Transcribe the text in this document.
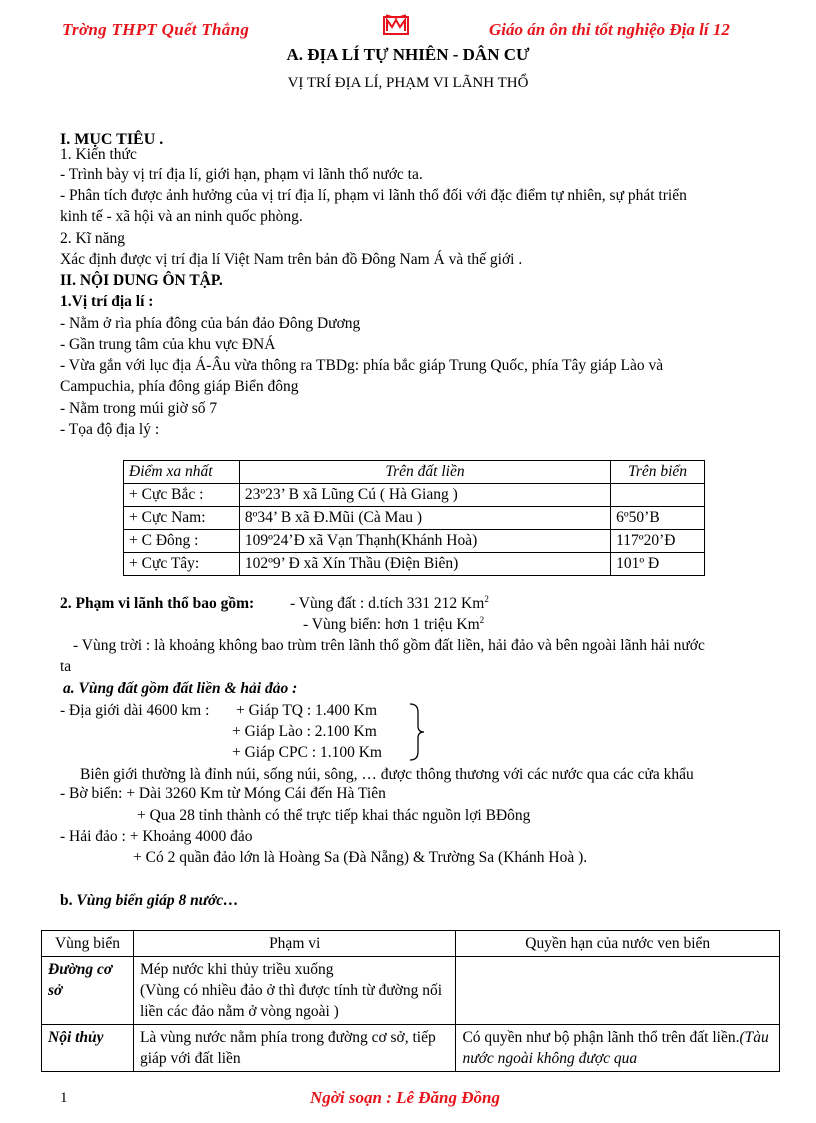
Trờng THPT Quết Thắng	Giáo án ôn thi tốt nghiệo Địa lí 12
A. ĐỊA LÍ TỰ NHIÊN - DÂN CƯ
VỊ TRÍ ĐỊA LÍ, PHẠM VI LÃNH THỔ
I. MỤC TIÊU .
1. Kiến thức
- Trình bày vị trí địa lí, giới hạn, phạm vi lãnh thổ nước ta.
- Phân tích được ảnh hưởng của vị trí địa lí, phạm vi lãnh thổ đối với đặc điểm tự nhiên, sự phát triển
kinh tế - xã hội và an ninh quốc phòng.
2. Kĩ năng
Xác định được vị trí địa lí Việt Nam trên bản đồ Đông Nam Á và thế giới .
II. NỘI DUNG ÔN TẬP.
1.Vị trí địa lí :
- Nằm ở rìa phía đông của bán đảo Đông Dương
- Gần trung tâm của khu vực ĐNÁ
- Vừa gắn với lục địa Á-Âu vừa thông ra TBDg: phía bắc giáp Trung Quốc, phía Tây giáp Lào và
Campuchia, phía đông giáp Biển đông
- Nằm trong múi giờ số 7
- Tọa độ địa lý :
Điểm xa nhất	Trên đất liền	Trên biển
+ Cực Bắc :	23º23’ B xã Lũng Cú ( Hà Giang )	
+ Cực Nam:	8º34’ B xã Đ.Mũi (Cà Mau )	6º50’B
+ C Đông :	109º24’Đ xã Vạn Thạnh(Khánh Hoà)	117º20’Đ
+ Cực Tây:	102º9’ Đ xã Xín Thầu (Điện Biên)	101º Đ
2. Phạm vi lãnh thổ bao gồm: - Vùng đất : d.tích 331 212 Km$^2$
- Vùng biển: hơn 1 triệu Km$^2$
- Vùng trời : là khoảng không bao trùm trên lãnh thổ gồm đất liền, hải đảo và bên ngoài lãnh hải nước
ta
a. Vùng đất gồm đất liền & hải đảo :
- Địa giới dài 4600 km : + Giáp TQ : 1.400 Km
+ Giáp Lào : 2.100 Km
+ Giáp CPC : 1.100 Km
Biên giới thường là đỉnh núi, sống núi, sông, … được thông thương với các nước qua các cửa khẩu
- Bờ biển: + Dài 3260 Km từ Móng Cái đến Hà Tiên
+ Qua 28 tỉnh thành có thể trực tiếp khai thác nguồn lợi BĐông
- Hải đảo : + Khoảng 4000 đảo
+ Có 2 quần đảo lớn là Hoàng Sa (Đà Nẵng) & Trường Sa (Khánh Hoà ).
b. Vùng biển giáp 8 nước…
Vùng biển	Phạm vi	Quyền hạn của nước ven biển
Đường cơ sở	Mép nước khi thủy triều xuống
(Vùng có nhiều đảo ở thì được tính từ đường nối liền các đảo nằm ở vòng ngoài )	

Nội thủy	Là vùng nước nằm phía trong đường cơ sở, tiếp giáp với đất liền	Có quyền như bộ phận lãnh thổ trên đất liền.(Tàu nước ngoài không được qua
1	Ngời soạn : Lê Đăng Đồng
